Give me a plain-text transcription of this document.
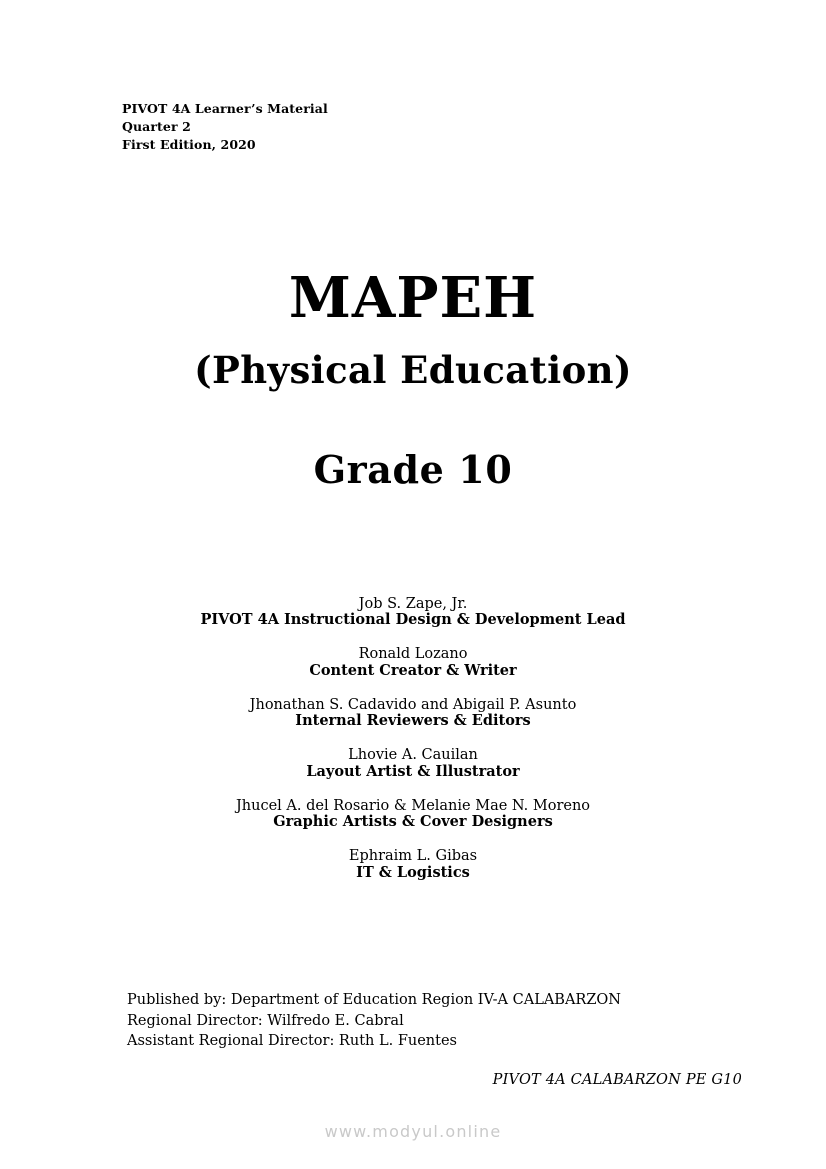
PIVOT 4A Learner’s Material
Quarter 2
First Edition, 2020
MAPEH
(Physical Education)
Grade 10
Job S. Zape, Jr.
PIVOT 4A Instructional Design & Development Lead
Ronald Lozano
Content Creator & Writer
Jhonathan S. Cadavido and Abigail P. Asunto
Internal Reviewers & Editors
Lhovie A. Cauilan
Layout Artist & Illustrator
Jhucel A. del Rosario & Melanie Mae N. Moreno
Graphic Artists & Cover Designers
Ephraim L. Gibas
IT & Logistics
Published by: Department of Education Region IV-A CALABARZON
Regional Director: Wilfredo E. Cabral
Assistant Regional Director: Ruth L. Fuentes
PIVOT 4A CALABARZON PE G10
www.modyul.online
